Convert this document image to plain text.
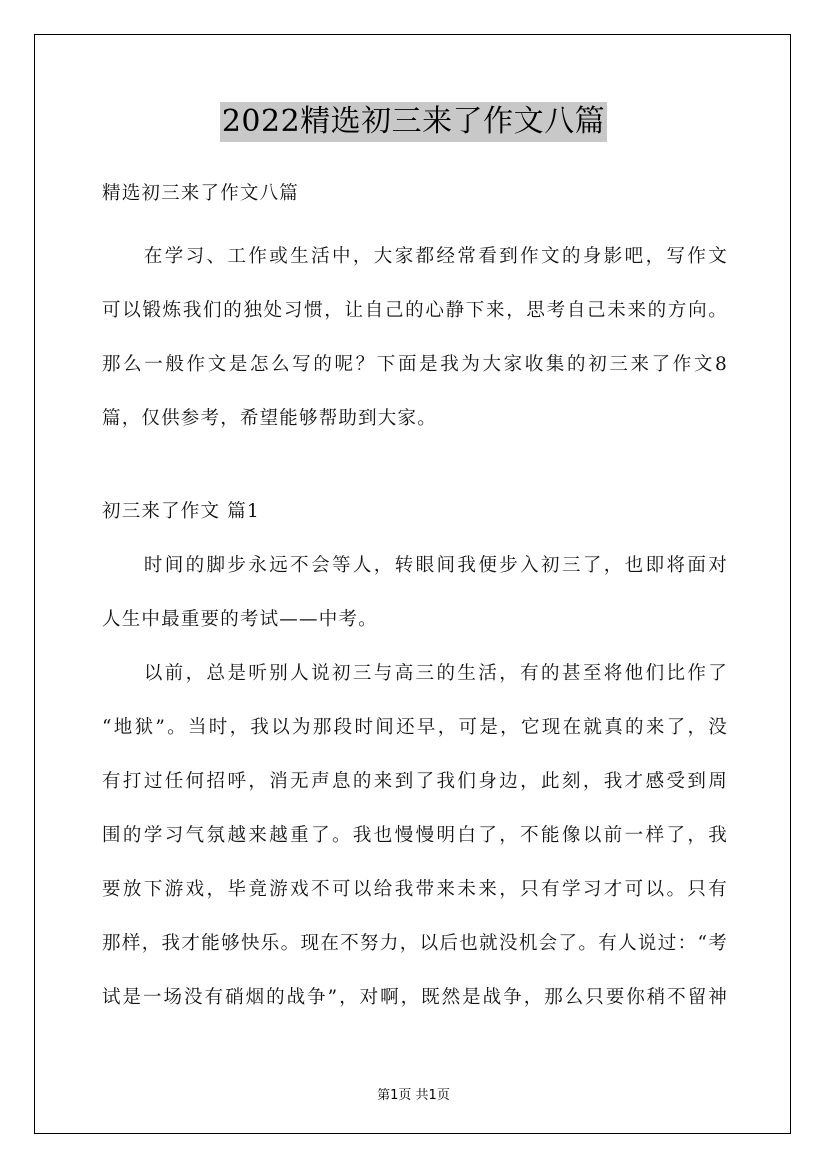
2022精选初三来了作文八篇
精选初三来了作文八篇
　　在学习、工作或生活中，大家都经常看到作文的身影吧，写作文
可以锻炼我们的独处习惯，让自己的心静下来，思考自己未来的方向。
那么一般作文是怎么写的呢？下面是我为大家收集的初三来了作文8
篇，仅供参考，希望能够帮助到大家。
初三来了作文 篇1
　　时间的脚步永远不会等人，转眼间我便步入初三了，也即将面对
人生中最重要的考试——中考。
　　以前，总是听别人说初三与高三的生活，有的甚至将他们比作了
“地狱”。当时，我以为那段时间还早，可是，它现在就真的来了，没
有打过任何招呼，消无声息的来到了我们身边，此刻，我才感受到周
围的学习气氛越来越重了。我也慢慢明白了，不能像以前一样了，我
要放下游戏，毕竟游戏不可以给我带来未来，只有学习才可以。只有
那样，我才能够快乐。现在不努力，以后也就没机会了。有人说过：“考
试是一场没有硝烟的战争”，对啊，既然是战争，那么只要你稍不留神
第1页 共1页
